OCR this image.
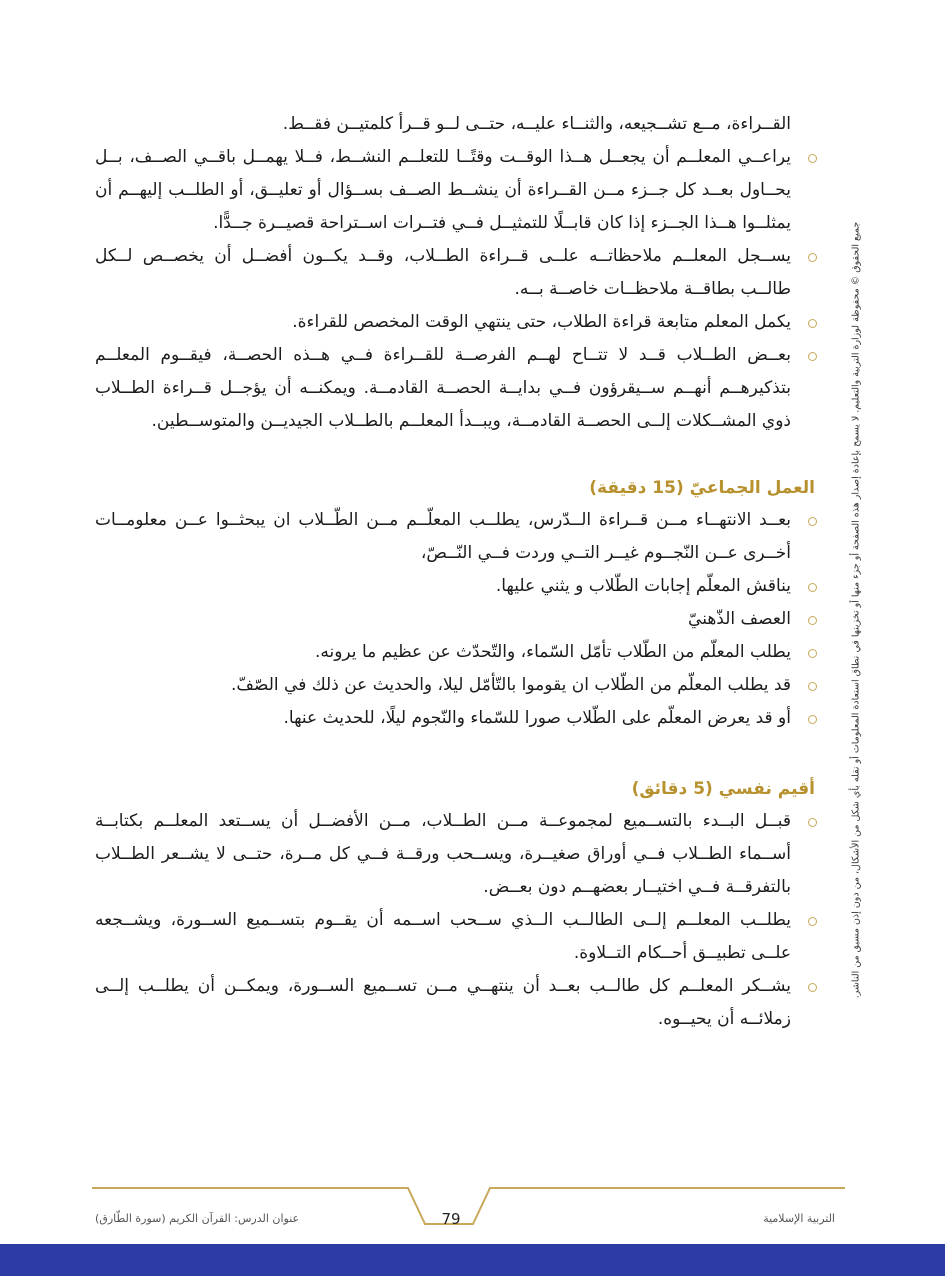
جميع الحقوق © محفوظة لوزارة التربية والتعليم. لا يسمح بإعادة إصدار هذه الصفحة أو جزء منها أو تخزينها في نطاق استعادة المعلومات أو نقله بأي شكل من الأشكال، من دون إذن مسبق من الناشر.

القــراءة، مــع تشــجيعه، والثنــاء عليــه، حتــى لــو قــرأ كلمتيــن فقــط.

يراعــي المعلــم أن يجعــل هــذا الوقــت وقتًــا للتعلــم النشــط، فــلا يهمــل باقــي الصــف، بــل يحــاول بعــد كل جــزء مــن القــراءة أن ينشــط الصــف بســؤال أو تعليــق، أو الطلــب إليهــم أن يمثلــوا هــذا الجــزء إذا كان قابــلًا للتمثيــل فــي فتــرات اســتراحة قصيــرة جــدًّا.

يســجل المعلــم ملاحظاتــه علــى قــراءة الطــلاب، وقــد يكــون أفضــل أن يخصــص لــكل طالــب بطاقــة ملاحظــات خاصــة بــه.

يكمل المعلم متابعة قراءة الطلاب، حتى ينتهي الوقت المخصص للقراءة.

بعــض الطــلاب قــد لا تتــاح لهــم الفرصــة للقــراءة فــي هــذه الحصــة، فيقــوم المعلــم بتذكيرهــم أنهــم ســيقرؤون فــي بدايــة الحصــة القادمــة. ويمكنــه أن يؤجــل قــراءة الطــلاب ذوي المشــكلات إلــى الحصــة القادمــة، ويبــدأ المعلــم بالطــلاب الجيديــن والمتوســطين.

العمل الجماعيّ (15 دقيقة)

بعــد الانتهــاء مــن قــراءة الــدّرس، يطلــب المعلّــم مــن الطّــلاب ان يبحثــوا عــن معلومــات أخــرى عــن النّجــوم غيــر التــي وردت فــي النّــصّ،

يناقش المعلّم إجابات الطّلاب و يثني عليها.

العصف الذّهنيّ

يطلب المعلّم من الطّلاب تأمّل السّماء، والتّحدّث عن عظيم ما يرونه.

قد يطلب المعلّم من الطّلاب ان يقوموا بالتّأمّل ليلا، والحديث عن ذلك في الصّفّ.

أو قد يعرض المعلّم على الطّلاب صورا للسّماء والنّجوم ليلًا، للحديث عنها.

أقيم نفسي (5 دقائق)

قبــل البــدء بالتســميع لمجموعــة مــن الطــلاب، مــن الأفضــل أن يســتعد المعلــم بكتابــة أســماء الطــلاب فــي أوراق صغيــرة، ويســحب ورقــة فــي كل مــرة، حتــى لا يشــعر الطــلاب بالتفرقــة فــي اختيــار بعضهــم دون بعــض.

يطلــب المعلــم إلــى الطالــب الــذي ســحب اســمه أن يقــوم بتســميع الســورة، ويشــجعه علــى تطبيــق أحــكام التــلاوة.

يشــكر المعلــم كل طالــب بعــد أن ينتهــي مــن تســميع الســورة، ويمكــن أن يطلــب إلــى زملائــه أن يحيــوه.

عنوان الدرس: القرآن الكريم (سورة الطّارق)	79	التربية الإسلامية
